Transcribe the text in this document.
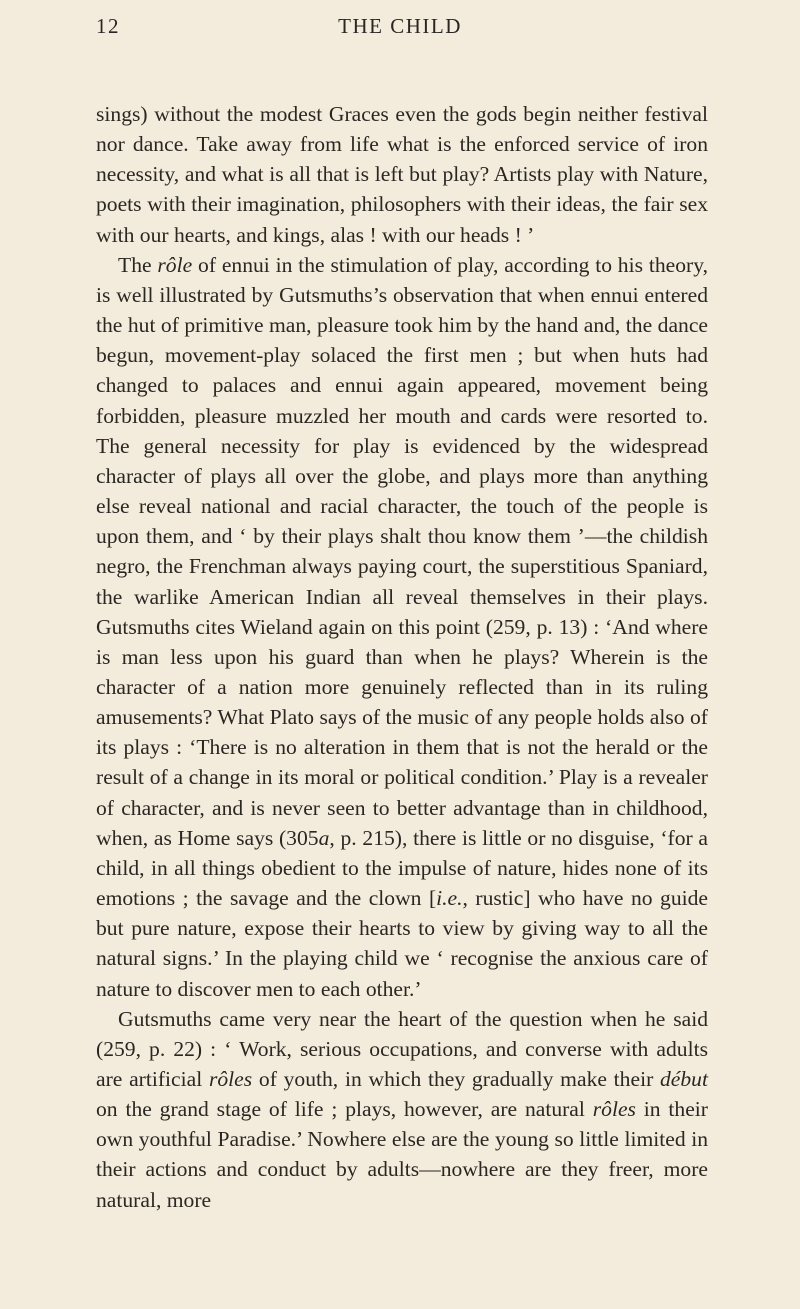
12	THE CHILD

sings) without the modest Graces even the gods begin neither festival nor dance. Take away from life what is the enforced service of iron necessity, and what is all that is left but play? Artists play with Nature, poets with their imagination, philosophers with their ideas, the fair sex with our hearts, and kings, alas ! with our heads ! ’

The rôle of ennui in the stimulation of play, according to his theory, is well illustrated by Gutsmuths’s observation that when ennui entered the hut of primitive man, pleasure took him by the hand and, the dance begun, movement-play solaced the first men ; but when huts had changed to palaces and ennui again appeared, movement being forbidden, pleasure muzzled her mouth and cards were resorted to. The general necessity for play is evidenced by the widespread character of plays all over the globe, and plays more than anything else reveal national and racial character, the touch of the people is upon them, and ‘ by their plays shalt thou know them ’—the childish negro, the Frenchman always paying court, the superstitious Spaniard, the warlike American Indian all reveal themselves in their plays. Gutsmuths cites Wieland again on this point (259, p. 13) : ‘And where is man less upon his guard than when he plays? Wherein is the character of a nation more genuinely reflected than in its ruling amusements? What Plato says of the music of any people holds also of its plays : ‘There is no alteration in them that is not the herald or the result of a change in its moral or political condition.’ Play is a revealer of character, and is never seen to better advantage than in childhood, when, as Home says (305a, p. 215), there is little or no disguise, ‘for a child, in all things obedient to the impulse of nature, hides none of its emotions ; the savage and the clown [i.e., rustic] who have no guide but pure nature, expose their hearts to view by giving way to all the natural signs.’ In the playing child we ‘ recognise the anxious care of nature to discover men to each other.’

Gutsmuths came very near the heart of the question when he said (259, p. 22) : ‘ Work, serious occupations, and converse with adults are artificial rôles of youth, in which they gradually make their début on the grand stage of life ; plays, however, are natural rôles in their own youthful Paradise.’ Nowhere else are the young so little limited in their actions and conduct by adults—nowhere are they freer, more natural, more
